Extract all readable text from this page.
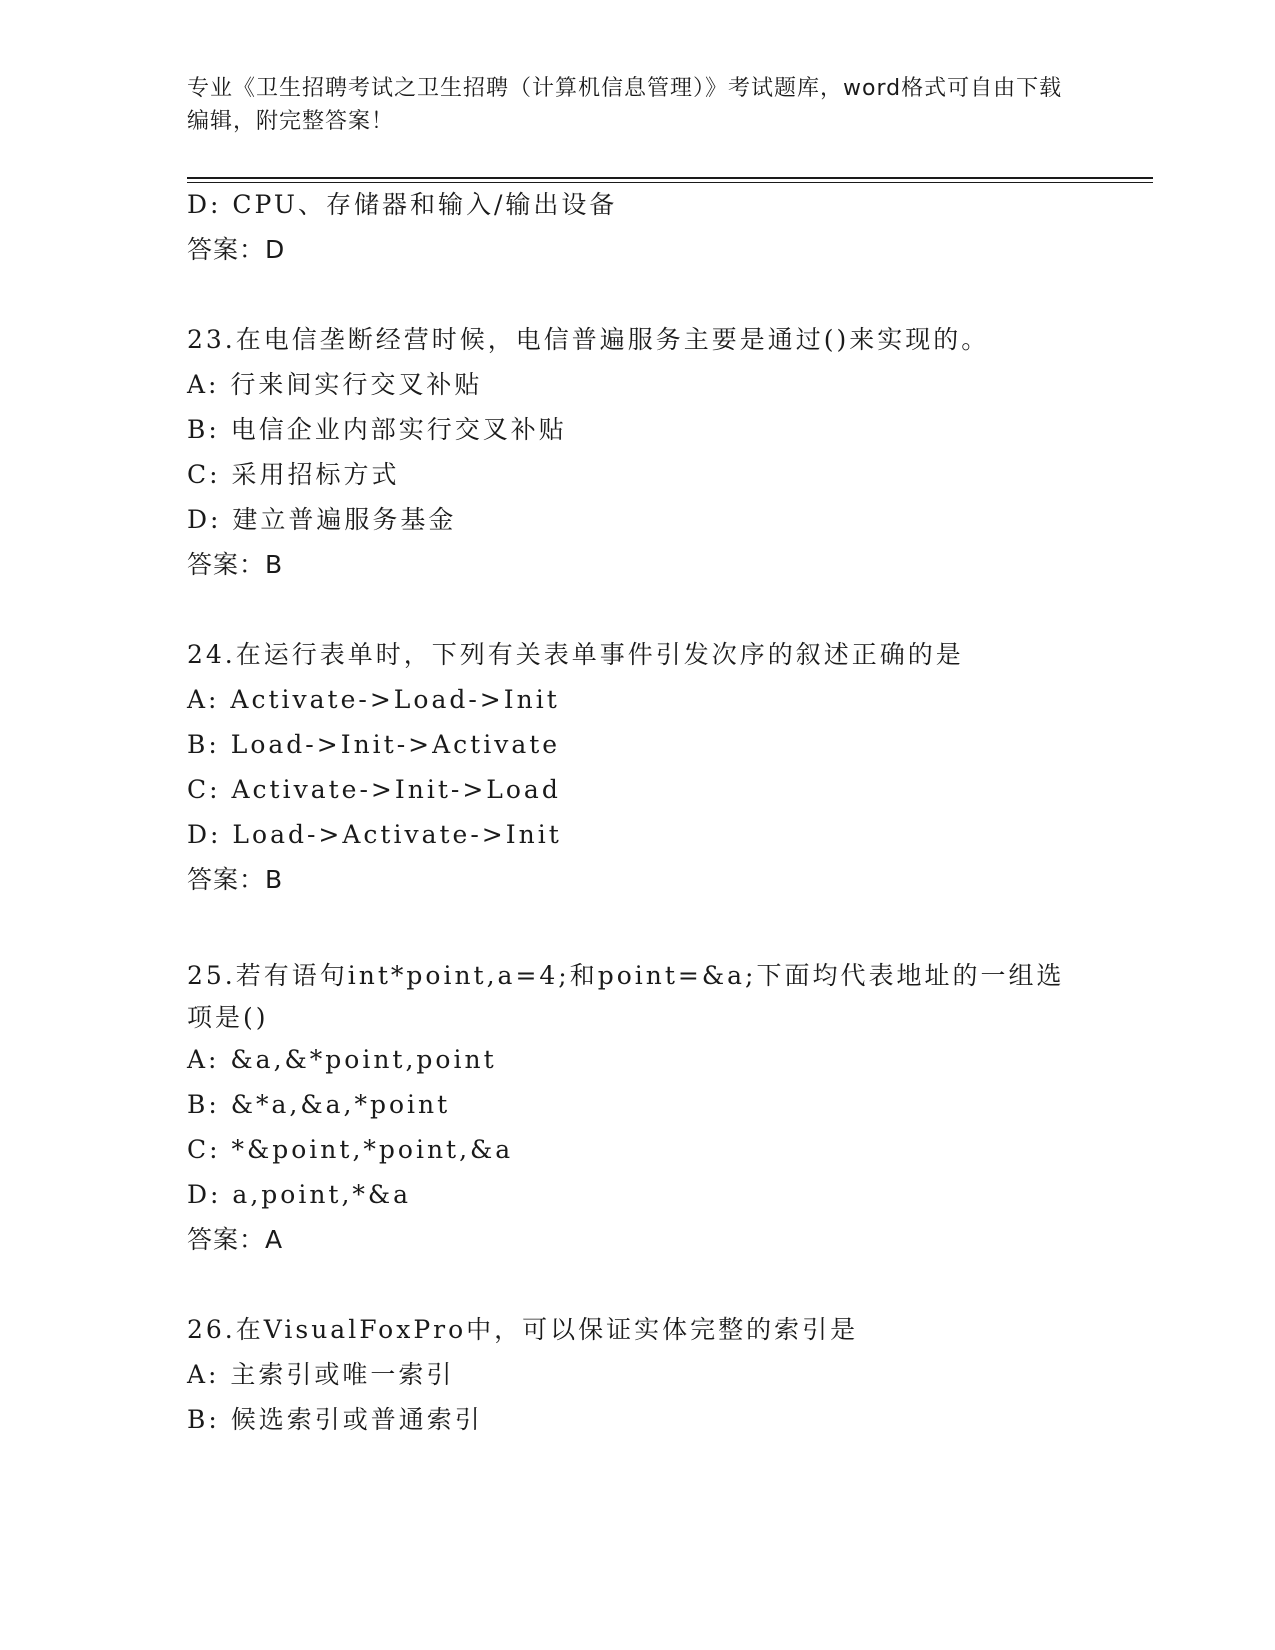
专业《卫生招聘考试之卫生招聘（计算机信息管理）》考试题库，word格式可自由下载编辑，附完整答案！
D: CPU、存储器和输入/输出设备
答案：D
23.在电信垄断经营时候，电信普遍服务主要是通过()来实现的。
A: 行来间实行交叉补贴
B: 电信企业内部实行交叉补贴
C: 采用招标方式
D: 建立普遍服务基金
答案：B
24.在运行表单时，下列有关表单事件引发次序的叙述正确的是
A: Activate->Load->Init
B: Load->Init->Activate
C: Activate->Init->Load
D: Load->Activate->Init
答案：B
25.若有语句int*point,a=4;和point=&a;下面均代表地址的一组选项是()
A: &a,&*point,point
B: &*a,&a,*point
C: *&point,*point,&a
D: a,point,*&a
答案：A
26.在VisualFoxPro中，可以保证实体完整的索引是
A: 主索引或唯一索引
B: 候选索引或普通索引
